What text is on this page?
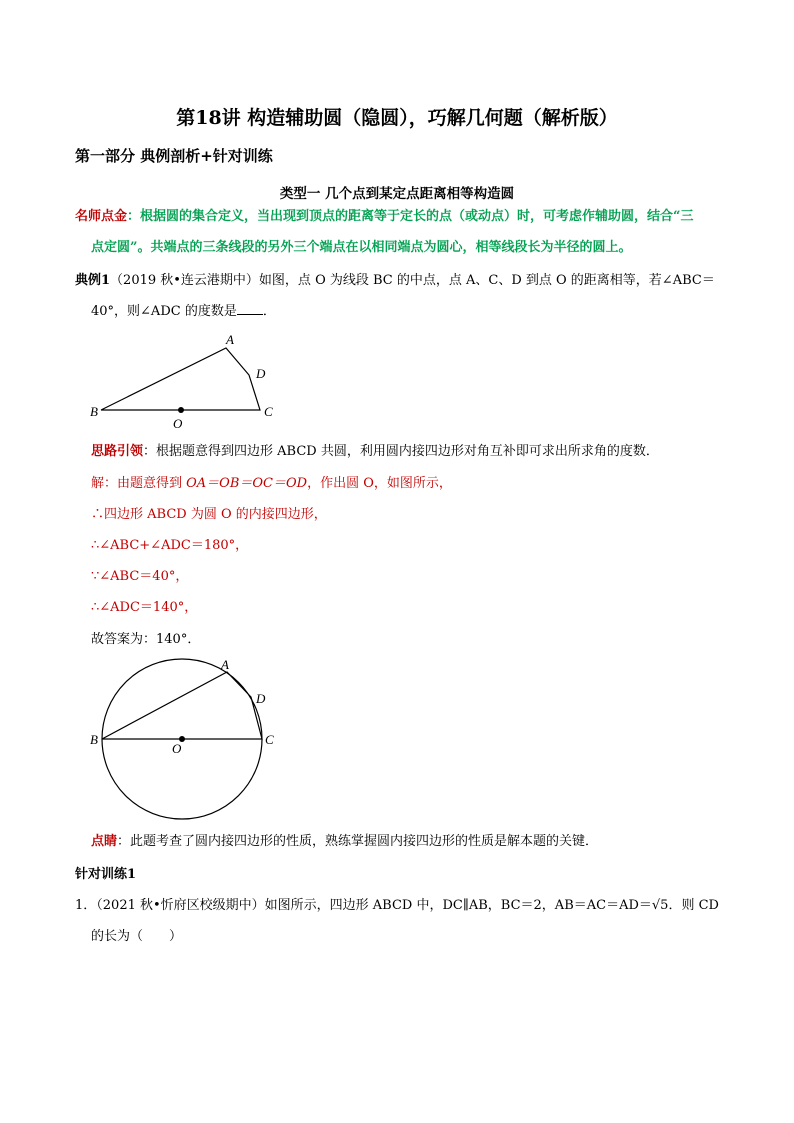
第18讲 构造辅助圆（隐圆），巧解几何题（解析版）
第一部分 典例剖析+针对训练
类型一 几个点到某定点距离相等构造圆
名师点金：根据圆的集合定义，当出现到顶点的距离等于定长的点（或动点）时，可考虑作辅助圆，结合“三
点定圆”。共端点的三条线段的另外三个端点在以相同端点为圆心，相等线段长为半径的圆上。
典例1（2019 秋•连云港期中）如图，点 O 为线段 BC 的中点，点 A、C、D 到点 O 的距离相等，若∠ABC＝
40°，则∠ADC 的度数是 ．
A
D
B	C
O
思路引领：根据题意得到四边形 ABCD 共圆，利用圆内接四边形对角互补即可求出所求角的度数．
解：由题意得到 OA＝OB＝OC＝OD，作出圆 O，如图所示，
∴四边形 ABCD 为圆 O 的内接四边形，
∴∠ABC+∠ADC＝180°，
∵∠ABC＝40°，
∴∠ADC＝140°，
故答案为：140°．
A
D
B	C
O
点睛：此题考查了圆内接四边形的性质，熟练掌握圆内接四边形的性质是解本题的关键．
针对训练1
1．（2021 秋•忻府区校级期中）如图所示，四边形 ABCD 中，DC∥AB，BC＝2，AB＝AC＝AD＝√5．则 CD
的长为（　　）
